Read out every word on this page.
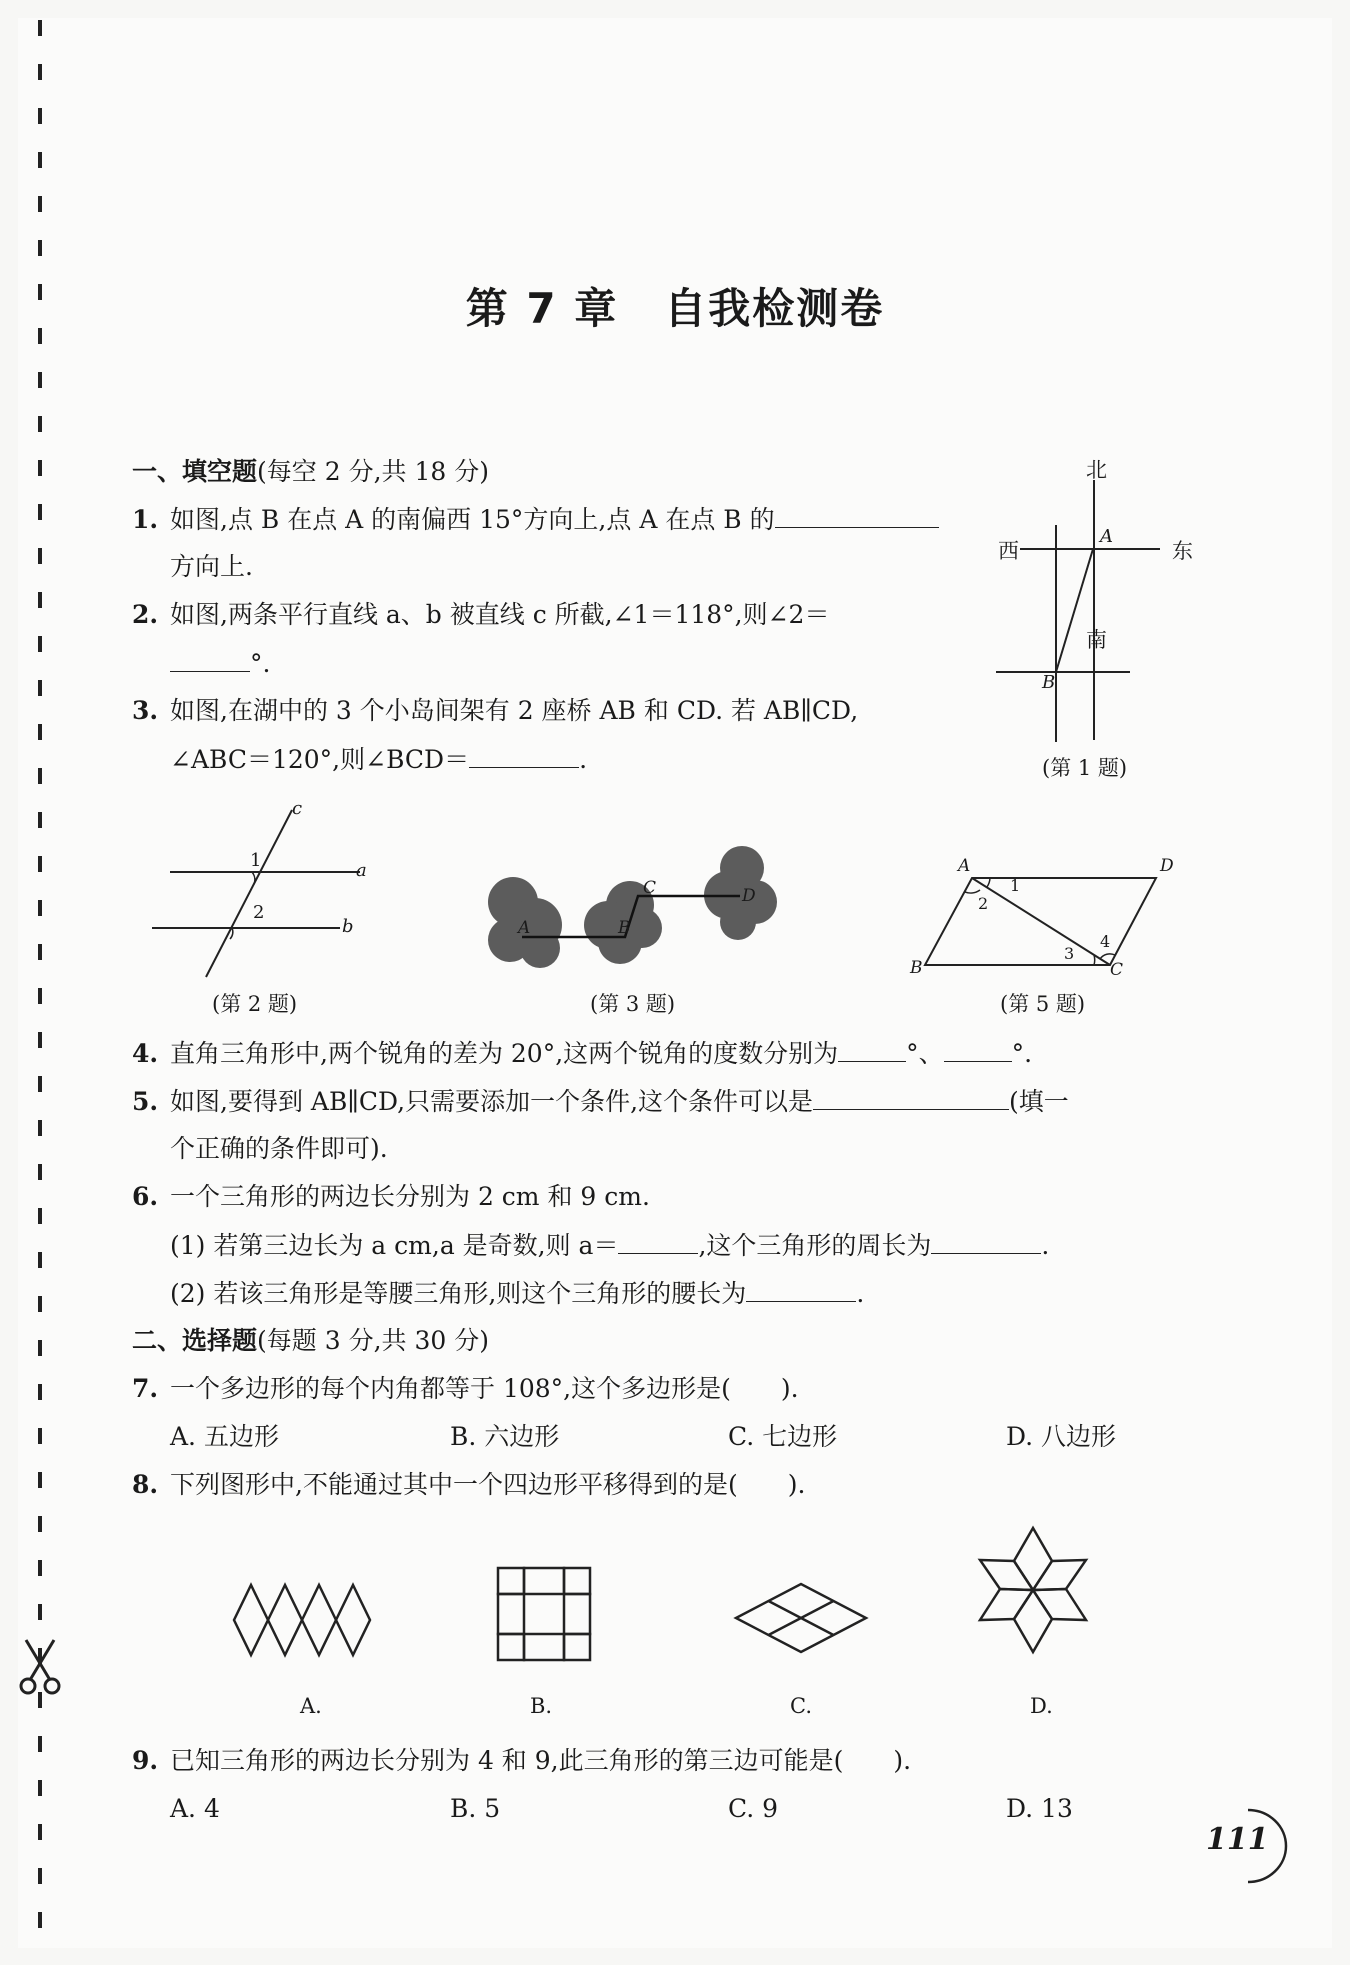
第 7 章 自我检测卷
一、填空题(每空 2 分,共 18 分)
1. 如图,点 B 在点 A 的南偏西 15°方向上,点 A 在点 B 的
方向上.
2. 如图,两条平行直线 a、b 被直线 c 所截,∠1＝118°,则∠2＝
°.
3. 如图,在湖中的 3 个小岛间架有 2 座桥 AB 和 CD. 若 AB∥CD,
∠ABC＝120°,则∠BCD＝	.
北
西	东
南
A
B
(第 1 题)
c
a
b
1
2
(第 2 题)
A	B
C	D
(第 3 题)
A	D
B	C
1
2
3
4
(第 5 题)
4. 直角三角形中,两个锐角的差为 20°,这两个锐角的度数分别为	°、	°.
5. 如图,要得到 AB∥CD,只需要添加一个条件,这个条件可以是	(填一
个正确的条件即可).
6. 一个三角形的两边长分别为 2 cm 和 9 cm.
(1) 若第三边长为 a cm,a 是奇数,则 a＝	,这个三角形的周长为	.
(2) 若该三角形是等腰三角形,则这个三角形的腰长为	.
二、选择题(每题 3 分,共 30 分)
7. 一个多边形的每个内角都等于 108°,这个多边形是(　　).
A. 五边形	B. 六边形	C. 七边形	D. 八边形
8. 下列图形中,不能通过其中一个四边形平移得到的是(　　).
A.	B.	C.	D.
9. 已知三角形的两边长分别为 4 和 9,此三角形的第三边可能是(　　).
A. 4	B. 5	C. 9	D. 13
111
